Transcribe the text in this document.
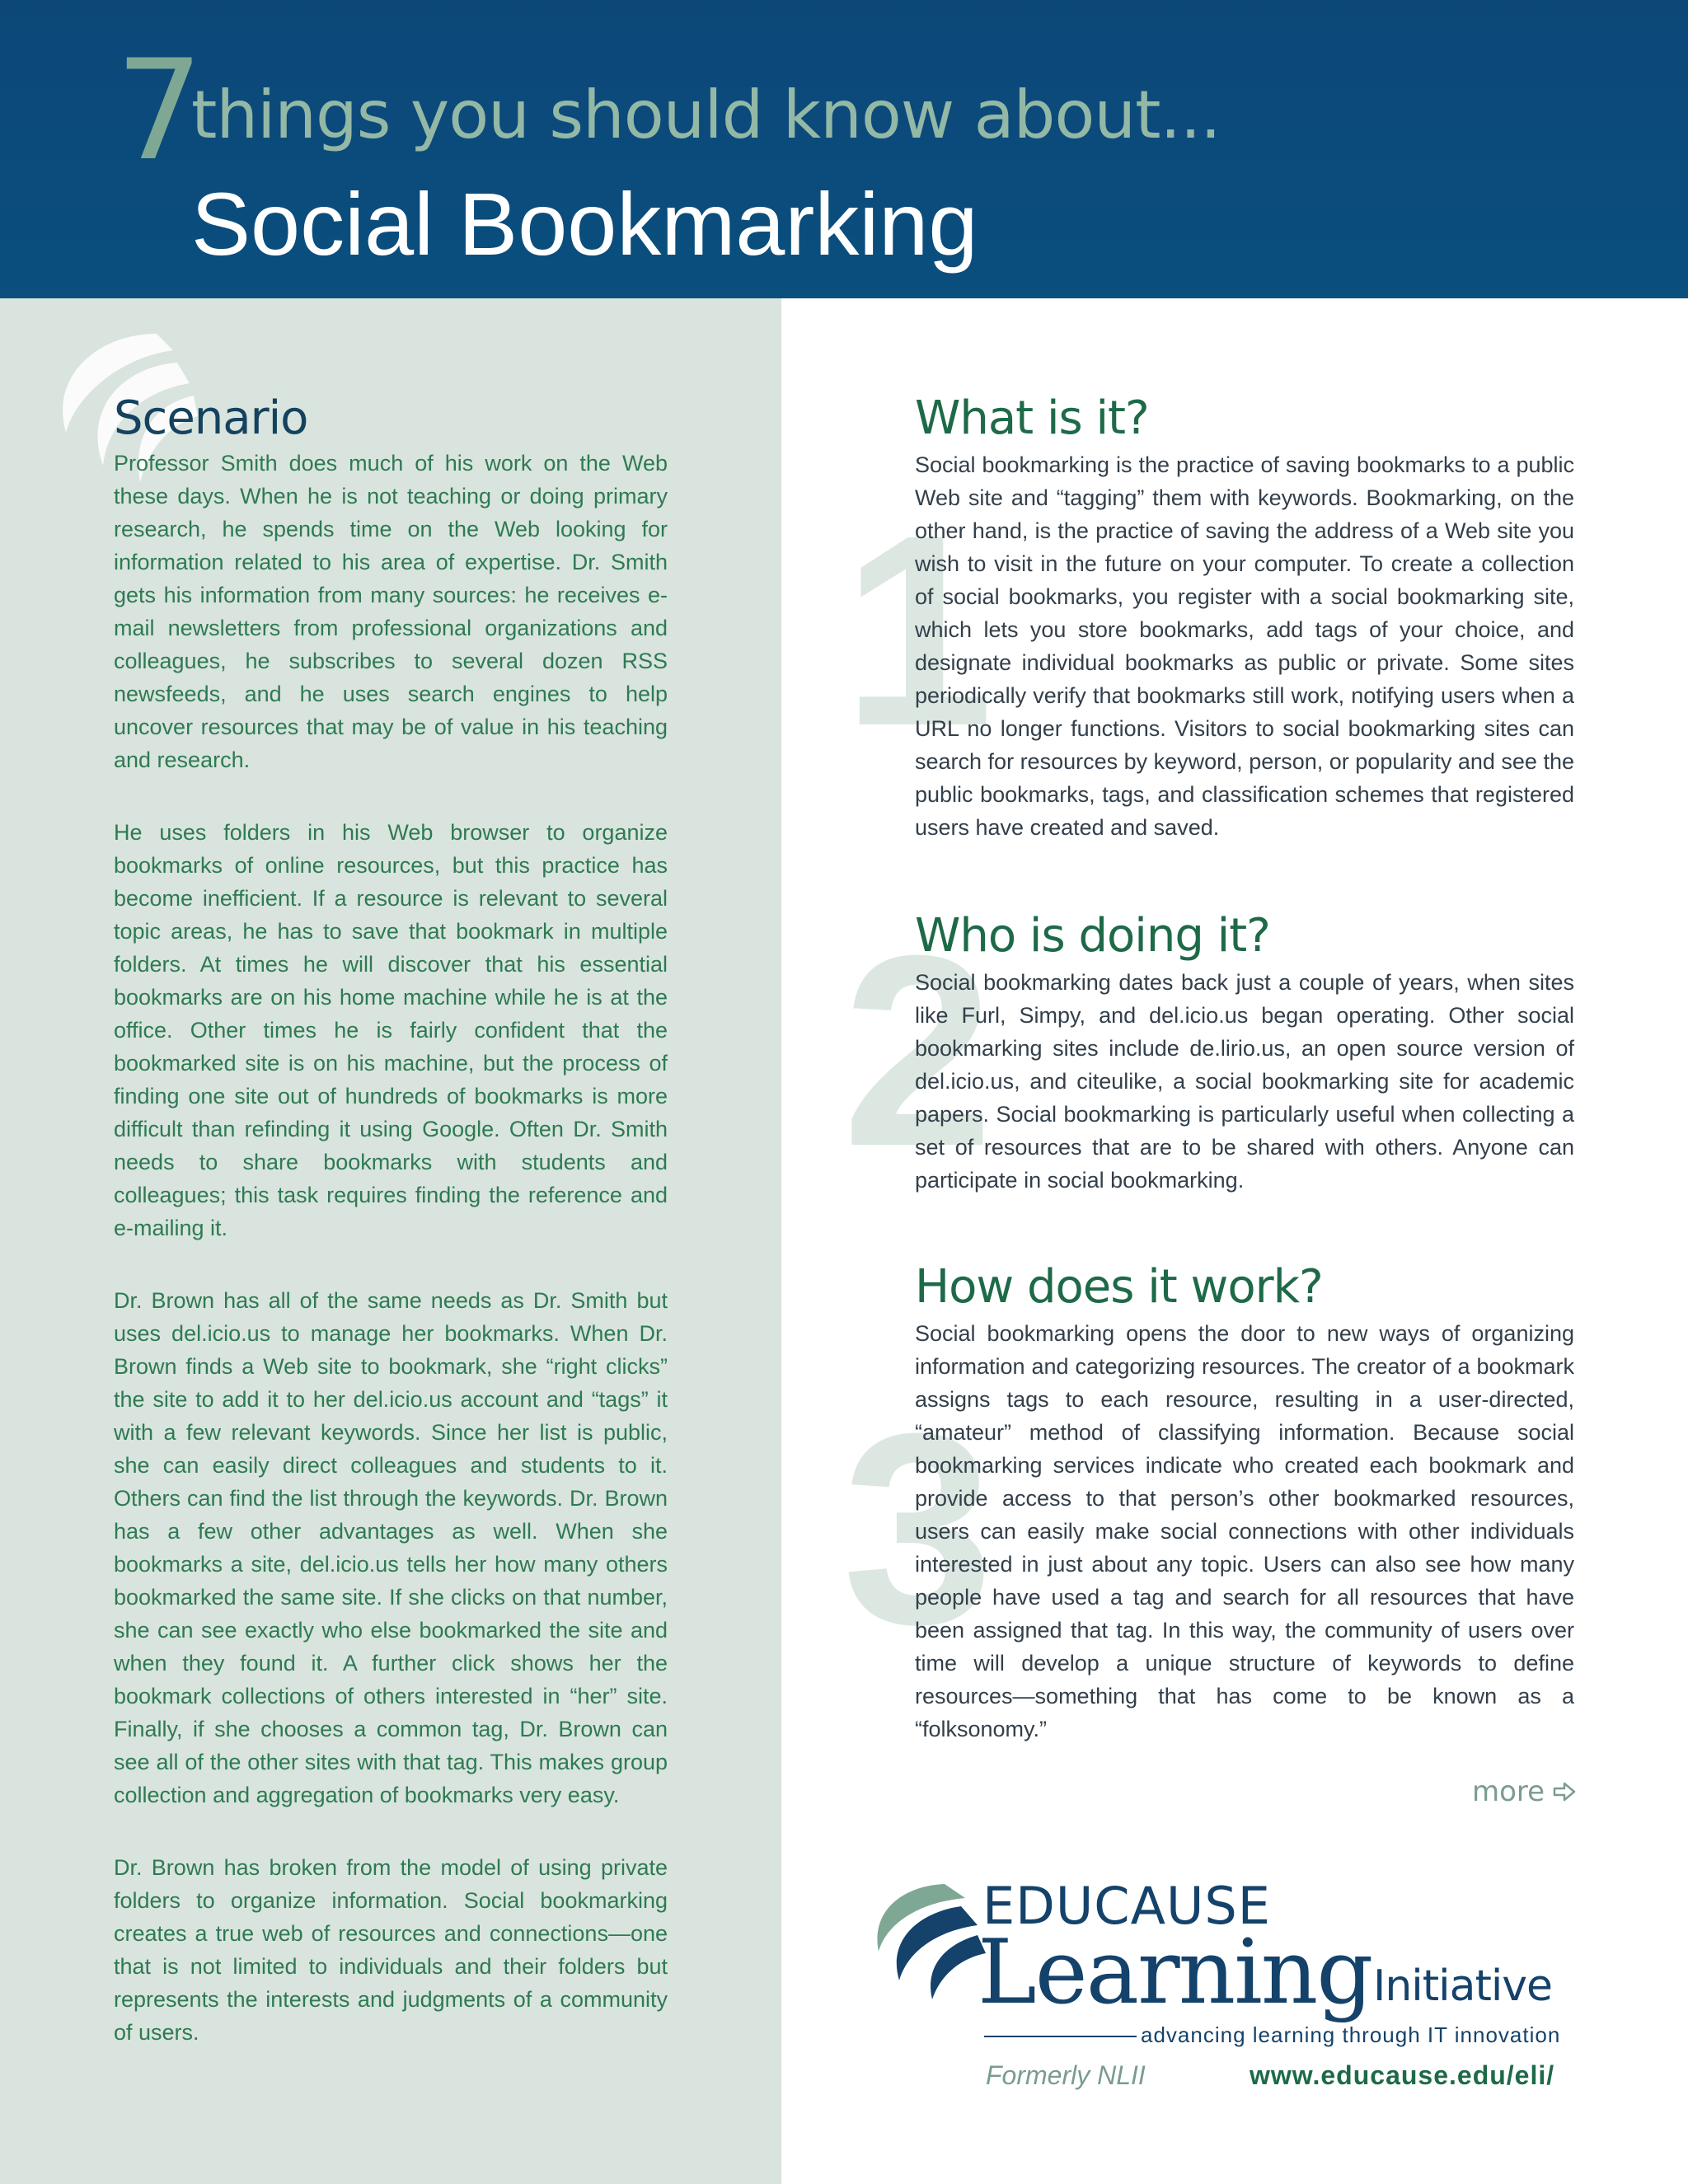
7
things you should know about...
Social Bookmarking
Scenario

Professor Smith does much of his work on the Web these days. When he is not teaching or doing primary research, he spends time on the Web looking for information related to his area of expertise. Dr. Smith gets his information from many sources: he receives e-mail newsletters from professional organizations and colleagues, he subscribes to several dozen RSS newsfeeds, and he uses search engines to help uncover resources that may be of value in his teaching and research.

He uses folders in his Web browser to organize bookmarks of online resources, but this practice has become inefficient. If a resource is relevant to several topic areas, he has to save that bookmark in multiple folders. At times he will discover that his essential bookmarks are on his home machine while he is at the office. Other times he is fairly confident that the bookmarked site is on his machine, but the process of finding one site out of hundreds of bookmarks is more difficult than refinding it using Google. Often Dr. Smith needs to share bookmarks with students and colleagues; this task requires finding the reference and e-mailing it.

Dr. Brown has all of the same needs as Dr. Smith but uses del.icio.us to manage her bookmarks. When Dr. Brown finds a Web site to bookmark, she “right clicks” the site to add it to her del.icio.us account and “tags” it with a few relevant keywords. Since her list is public, she can easily direct colleagues and students to it. Others can find the list through the keywords. Dr. Brown has a few other advantages as well. When she bookmarks a site, del.icio.us tells her how many others bookmarked the same site. If she clicks on that number, she can see exactly who else bookmarked the site and when they found it. A further click shows her the bookmark collections of others interested in “her” site. Finally, if she chooses a common tag, Dr. Brown can see all of the other sites with that tag. This makes group collection and aggregation of bookmarks very easy.

Dr. Brown has broken from the model of using private folders to organize information. Social bookmarking creates a true web of resources and connections—one that is not limited to individuals and their folders but represents the interests and judgments of a community of users.

1
2
3
What is it?
Social bookmarking is the practice of saving bookmarks to a public Web site and “tagging” them with keywords. Bookmarking, on the other hand, is the practice of saving the address of a Web site you wish to visit in the future on your computer. To create a collection of social bookmarks, you register with a social bookmarking site, which lets you store bookmarks, add tags of your choice, and designate individual bookmarks as public or private. Some sites periodically verify that bookmarks still work, notifying users when a URL no longer functions. Visitors to social bookmarking sites can search for resources by keyword, person, or popularity and see the public bookmarks, tags, and classification schemes that registered users have created and saved.
Who is doing it?
Social bookmarking dates back just a couple of years, when sites like Furl, Simpy, and del.icio.us began operating. Other social bookmarking sites include de.lirio.us, an open source version of del.icio.us, and citeulike, a social bookmarking site for academic papers. Social bookmarking is particularly useful when collecting a set of resources that are to be shared with others. Anyone can participate in social bookmarking.
How does it work?
Social bookmarking opens the door to new ways of organizing information and categorizing resources. The creator of a bookmark assigns tags to each resource, resulting in a user-directed, “amateur” method of classifying information. Because social bookmarking services indicate who created each bookmark and provide access to that person’s other bookmarked resources, users can easily make social connections with other individuals interested in just about any topic. Users can also see how many people have used a tag and search for all resources that have been assigned that tag. In this way, the community of users over time will develop a unique structure of keywords to define resources—something that has come to be known as a “folksonomy.”
more
EDUCAUSE
Learning Initiative
advancing learning through IT innovation
Formerly NLII	www.educause.edu/eli/
